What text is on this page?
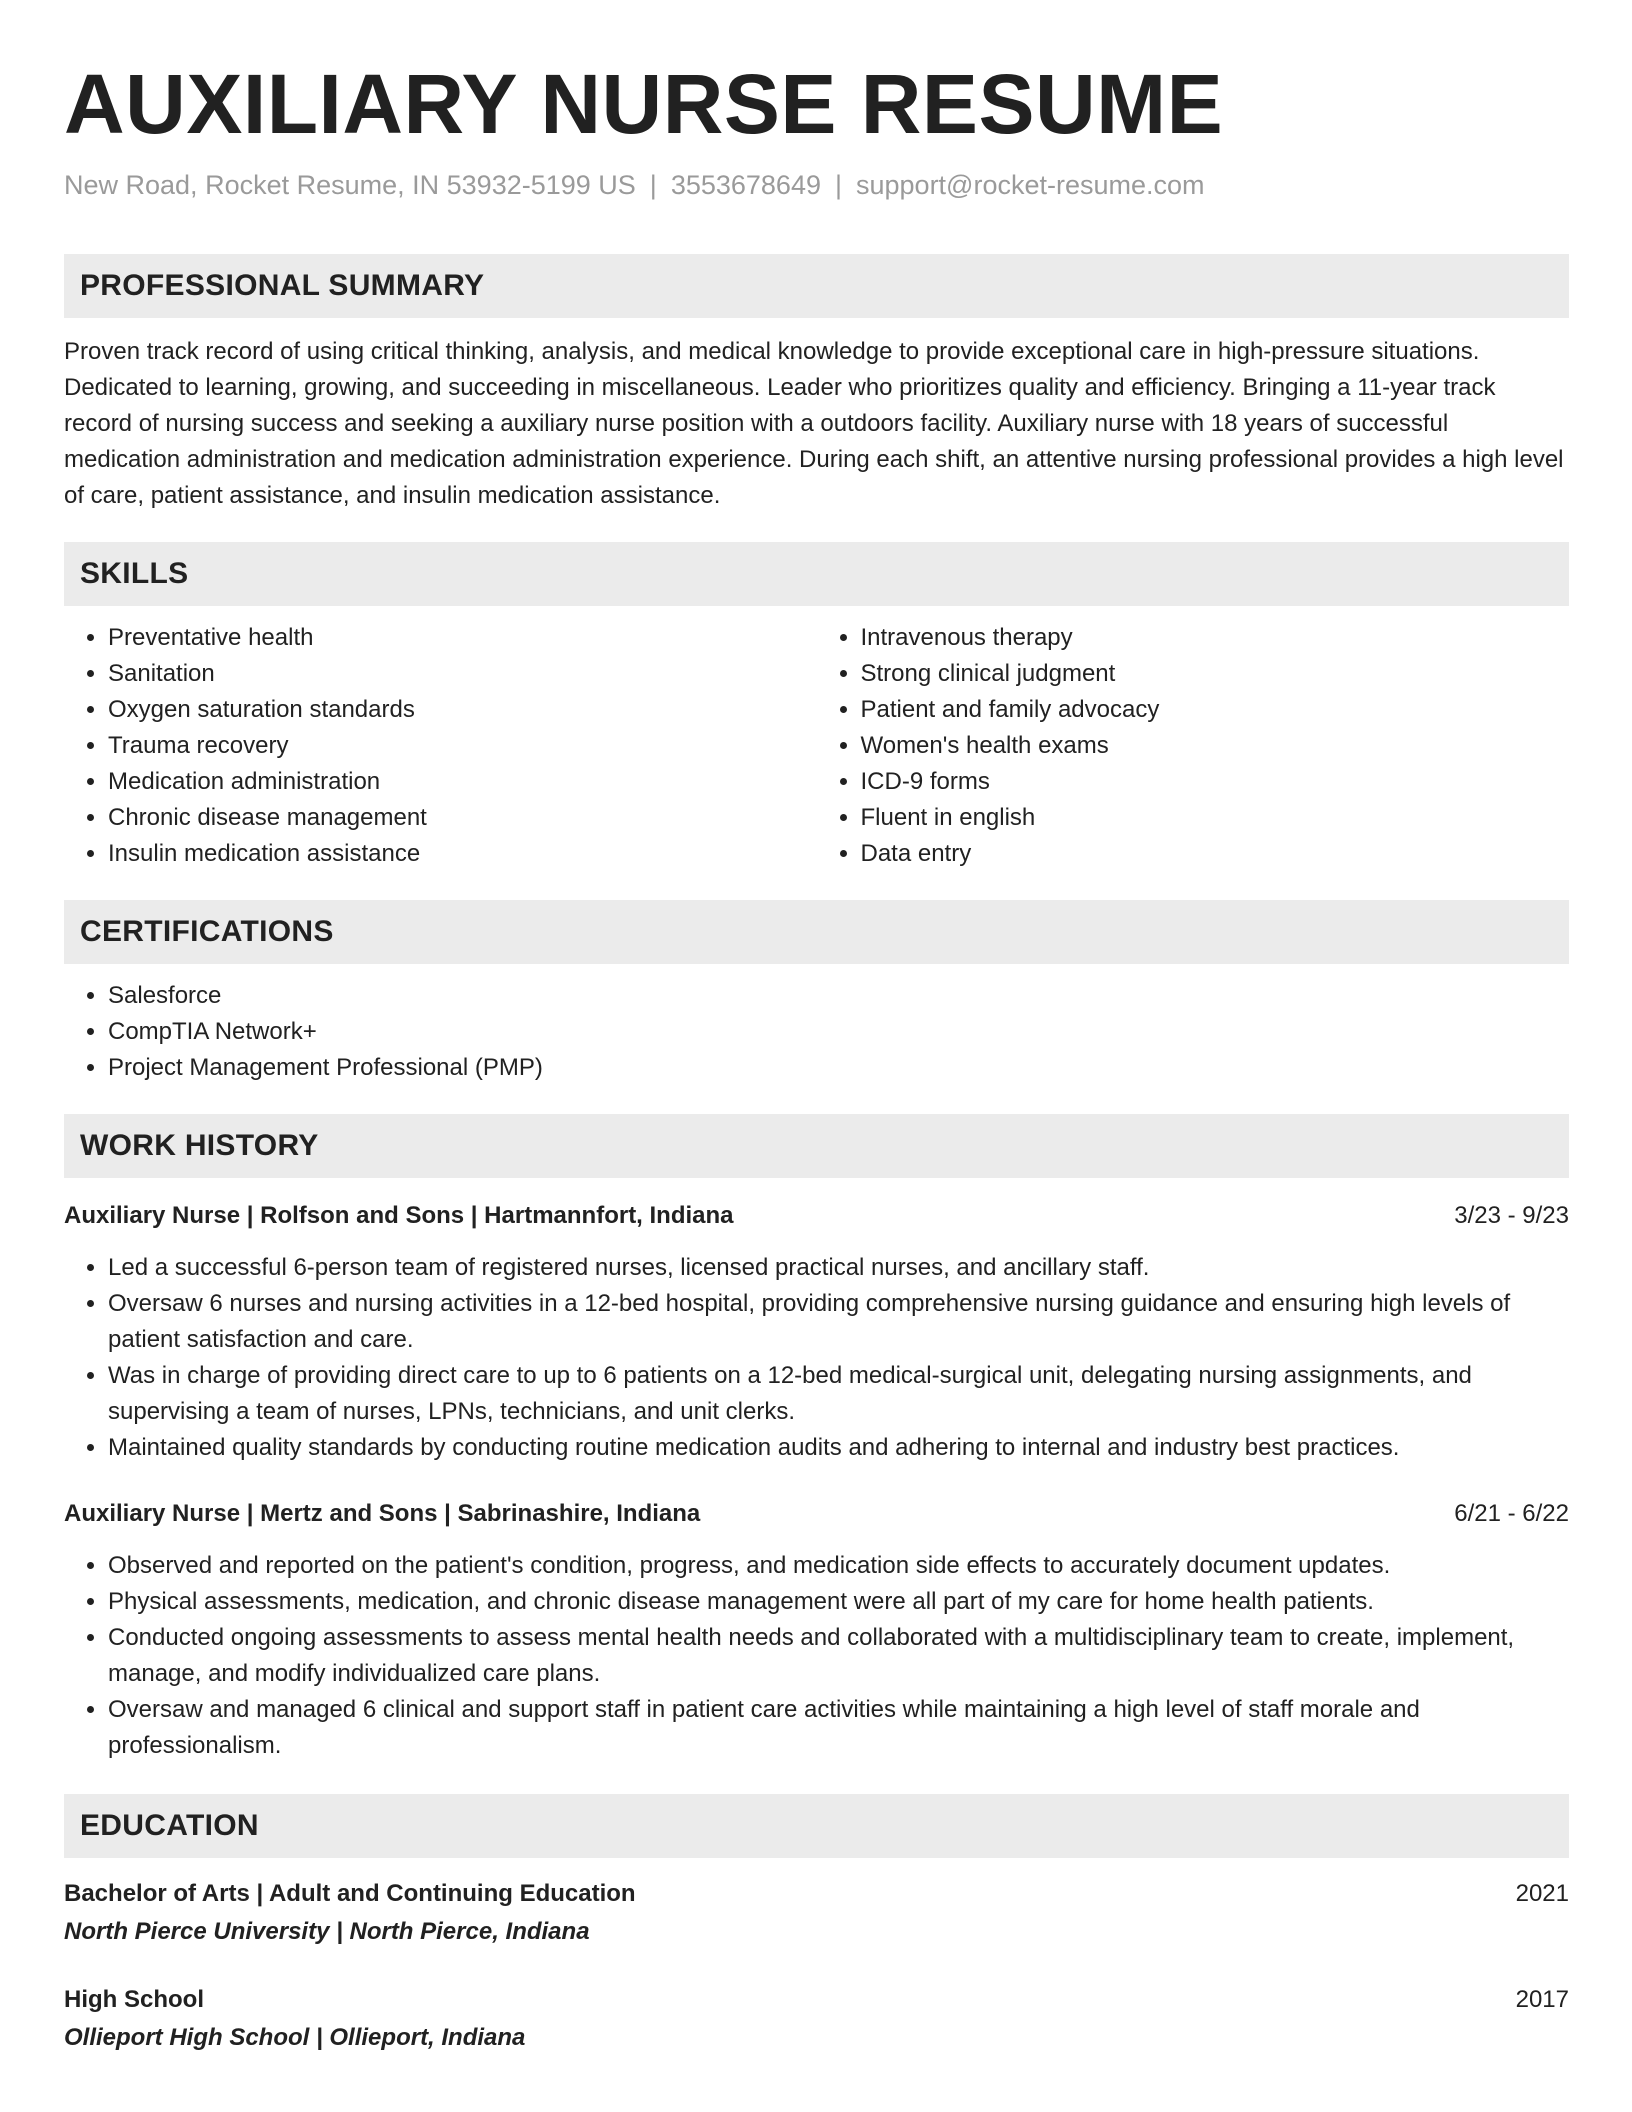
AUXILIARY NURSE RESUME
New Road, Rocket Resume, IN 53932-5199 US | 3553678649 | support@rocket-resume.com
PROFESSIONAL SUMMARY

Proven track record of using critical thinking, analysis, and medical knowledge to provide exceptional care in high-pressure situations. Dedicated to learning, growing, and succeeding in miscellaneous. Leader who prioritizes quality and efficiency. Bringing a 11-year track record of nursing success and seeking a auxiliary nurse position with a outdoors facility. Auxiliary nurse with 18 years of successful medication administration and medication administration experience. During each shift, an attentive nursing professional provides a high level of care, patient assistance, and insulin medication assistance.

SKILLS
• Preventative health
• Sanitation
• Oxygen saturation standards
• Trauma recovery
• Medication administration
• Chronic disease management
• Insulin medication assistance
• Intravenous therapy
• Strong clinical judgment
• Patient and family advocacy
• Women's health exams
• ICD-9 forms
• Fluent in english
• Data entry
CERTIFICATIONS
• Salesforce
• CompTIA Network+
• Project Management Professional (PMP)
WORK HISTORY
Auxiliary Nurse | Rolfson and Sons | Hartmannfort, Indiana	3/23 - 9/23
• Led a successful 6-person team of registered nurses, licensed practical nurses, and ancillary staff.
• Oversaw 6 nurses and nursing activities in a 12-bed hospital, providing comprehensive nursing guidance and ensuring high levels of patient satisfaction and care.
• Was in charge of providing direct care to up to 6 patients on a 12-bed medical-surgical unit, delegating nursing assignments, and supervising a team of nurses, LPNs, technicians, and unit clerks.
• Maintained quality standards by conducting routine medication audits and adhering to internal and industry best practices.
Auxiliary Nurse | Mertz and Sons | Sabrinashire, Indiana	6/21 - 6/22
• Observed and reported on the patient's condition, progress, and medication side effects to accurately document updates.
• Physical assessments, medication, and chronic disease management were all part of my care for home health patients.
• Conducted ongoing assessments to assess mental health needs and collaborated with a multidisciplinary team to create, implement, manage, and modify individualized care plans.
• Oversaw and managed 6 clinical and support staff in patient care activities while maintaining a high level of staff morale and professionalism.
EDUCATION
Bachelor of Arts | Adult and Continuing Education	2021
North Pierce University | North Pierce, Indiana
High School	2017
Ollieport High School | Ollieport, Indiana
